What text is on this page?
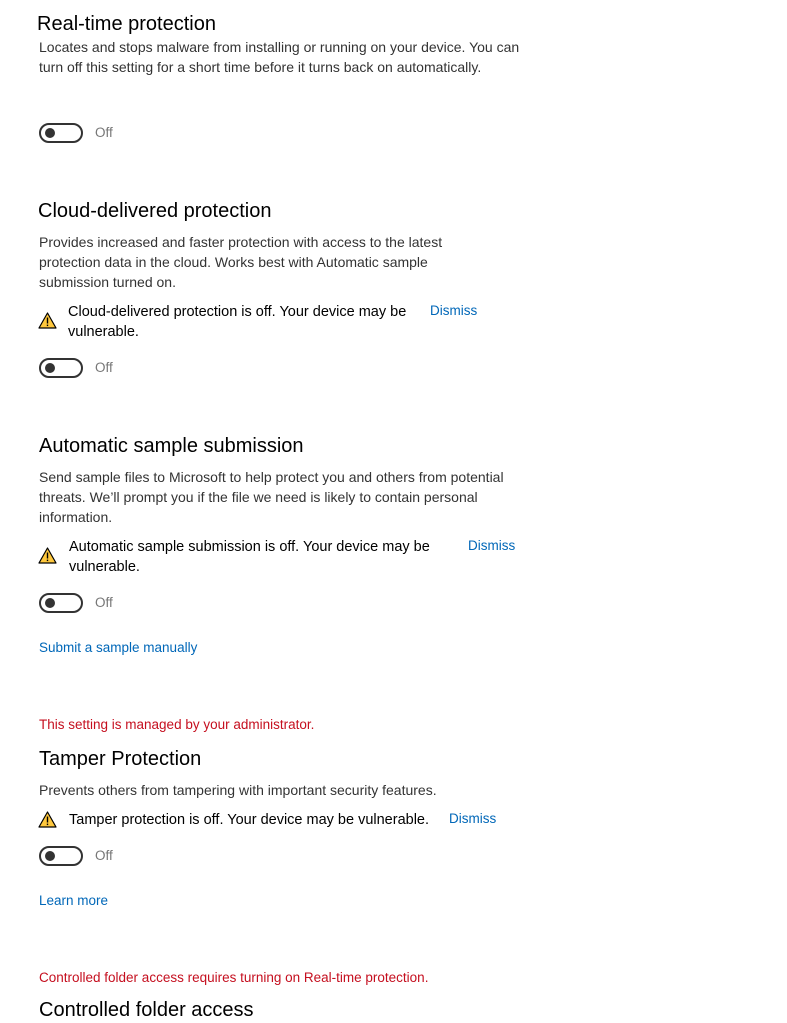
Real-time protection
Locates and stops malware from installing or running on your device. You can turn off this setting for a short time before it turns back on automatically.
Off
Cloud-delivered protection
Provides increased and faster protection with access to the latest protection data in the cloud. Works best with Automatic sample submission turned on.
Cloud-delivered protection is off. Your device may be
vulnerable.
Dismiss
Off
Automatic sample submission
Send sample files to Microsoft to help protect you and others from potential threats. We’ll prompt you if the file we need is likely to contain personal information.
Automatic sample submission is off. Your device may be
vulnerable.
Dismiss
Off
Submit a sample manually
This setting is managed by your administrator.
Tamper Protection
Prevents others from tampering with important security features.
Tamper protection is off. Your device may be vulnerable. Dismiss
Off
Learn more
Controlled folder access requires turning on Real-time protection.
Controlled folder access
